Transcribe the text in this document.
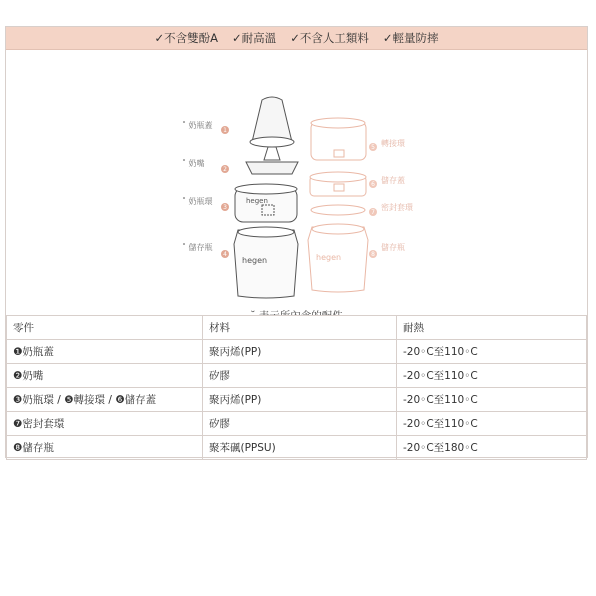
✓不含雙酚A ✓耐高溫 ✓不含人工類料 ✓輕量防摔
hegen
hegen	hegen
1
2
3
4
5
6
7
8
˚ 奶瓶蓋
˚ 奶嘴
˚ 奶瓶環
˚ 儲存瓶
轉接環
儲存蓋
密封套環
儲存瓶
零件	材料	耐熱
❶奶瓶蓋	聚丙烯(PP)	-20◦C至110◦C
❷奶嘴	矽膠	-20◦C至110◦C
❸奶瓶環 / ❺轉接環 / ❻儲存蓋	聚丙烯(PP)	-20◦C至110◦C
❼密封套環	矽膠	-20◦C至110◦C
❽儲存瓶	聚苯碸(PPSU)	-20◦C至180◦C
